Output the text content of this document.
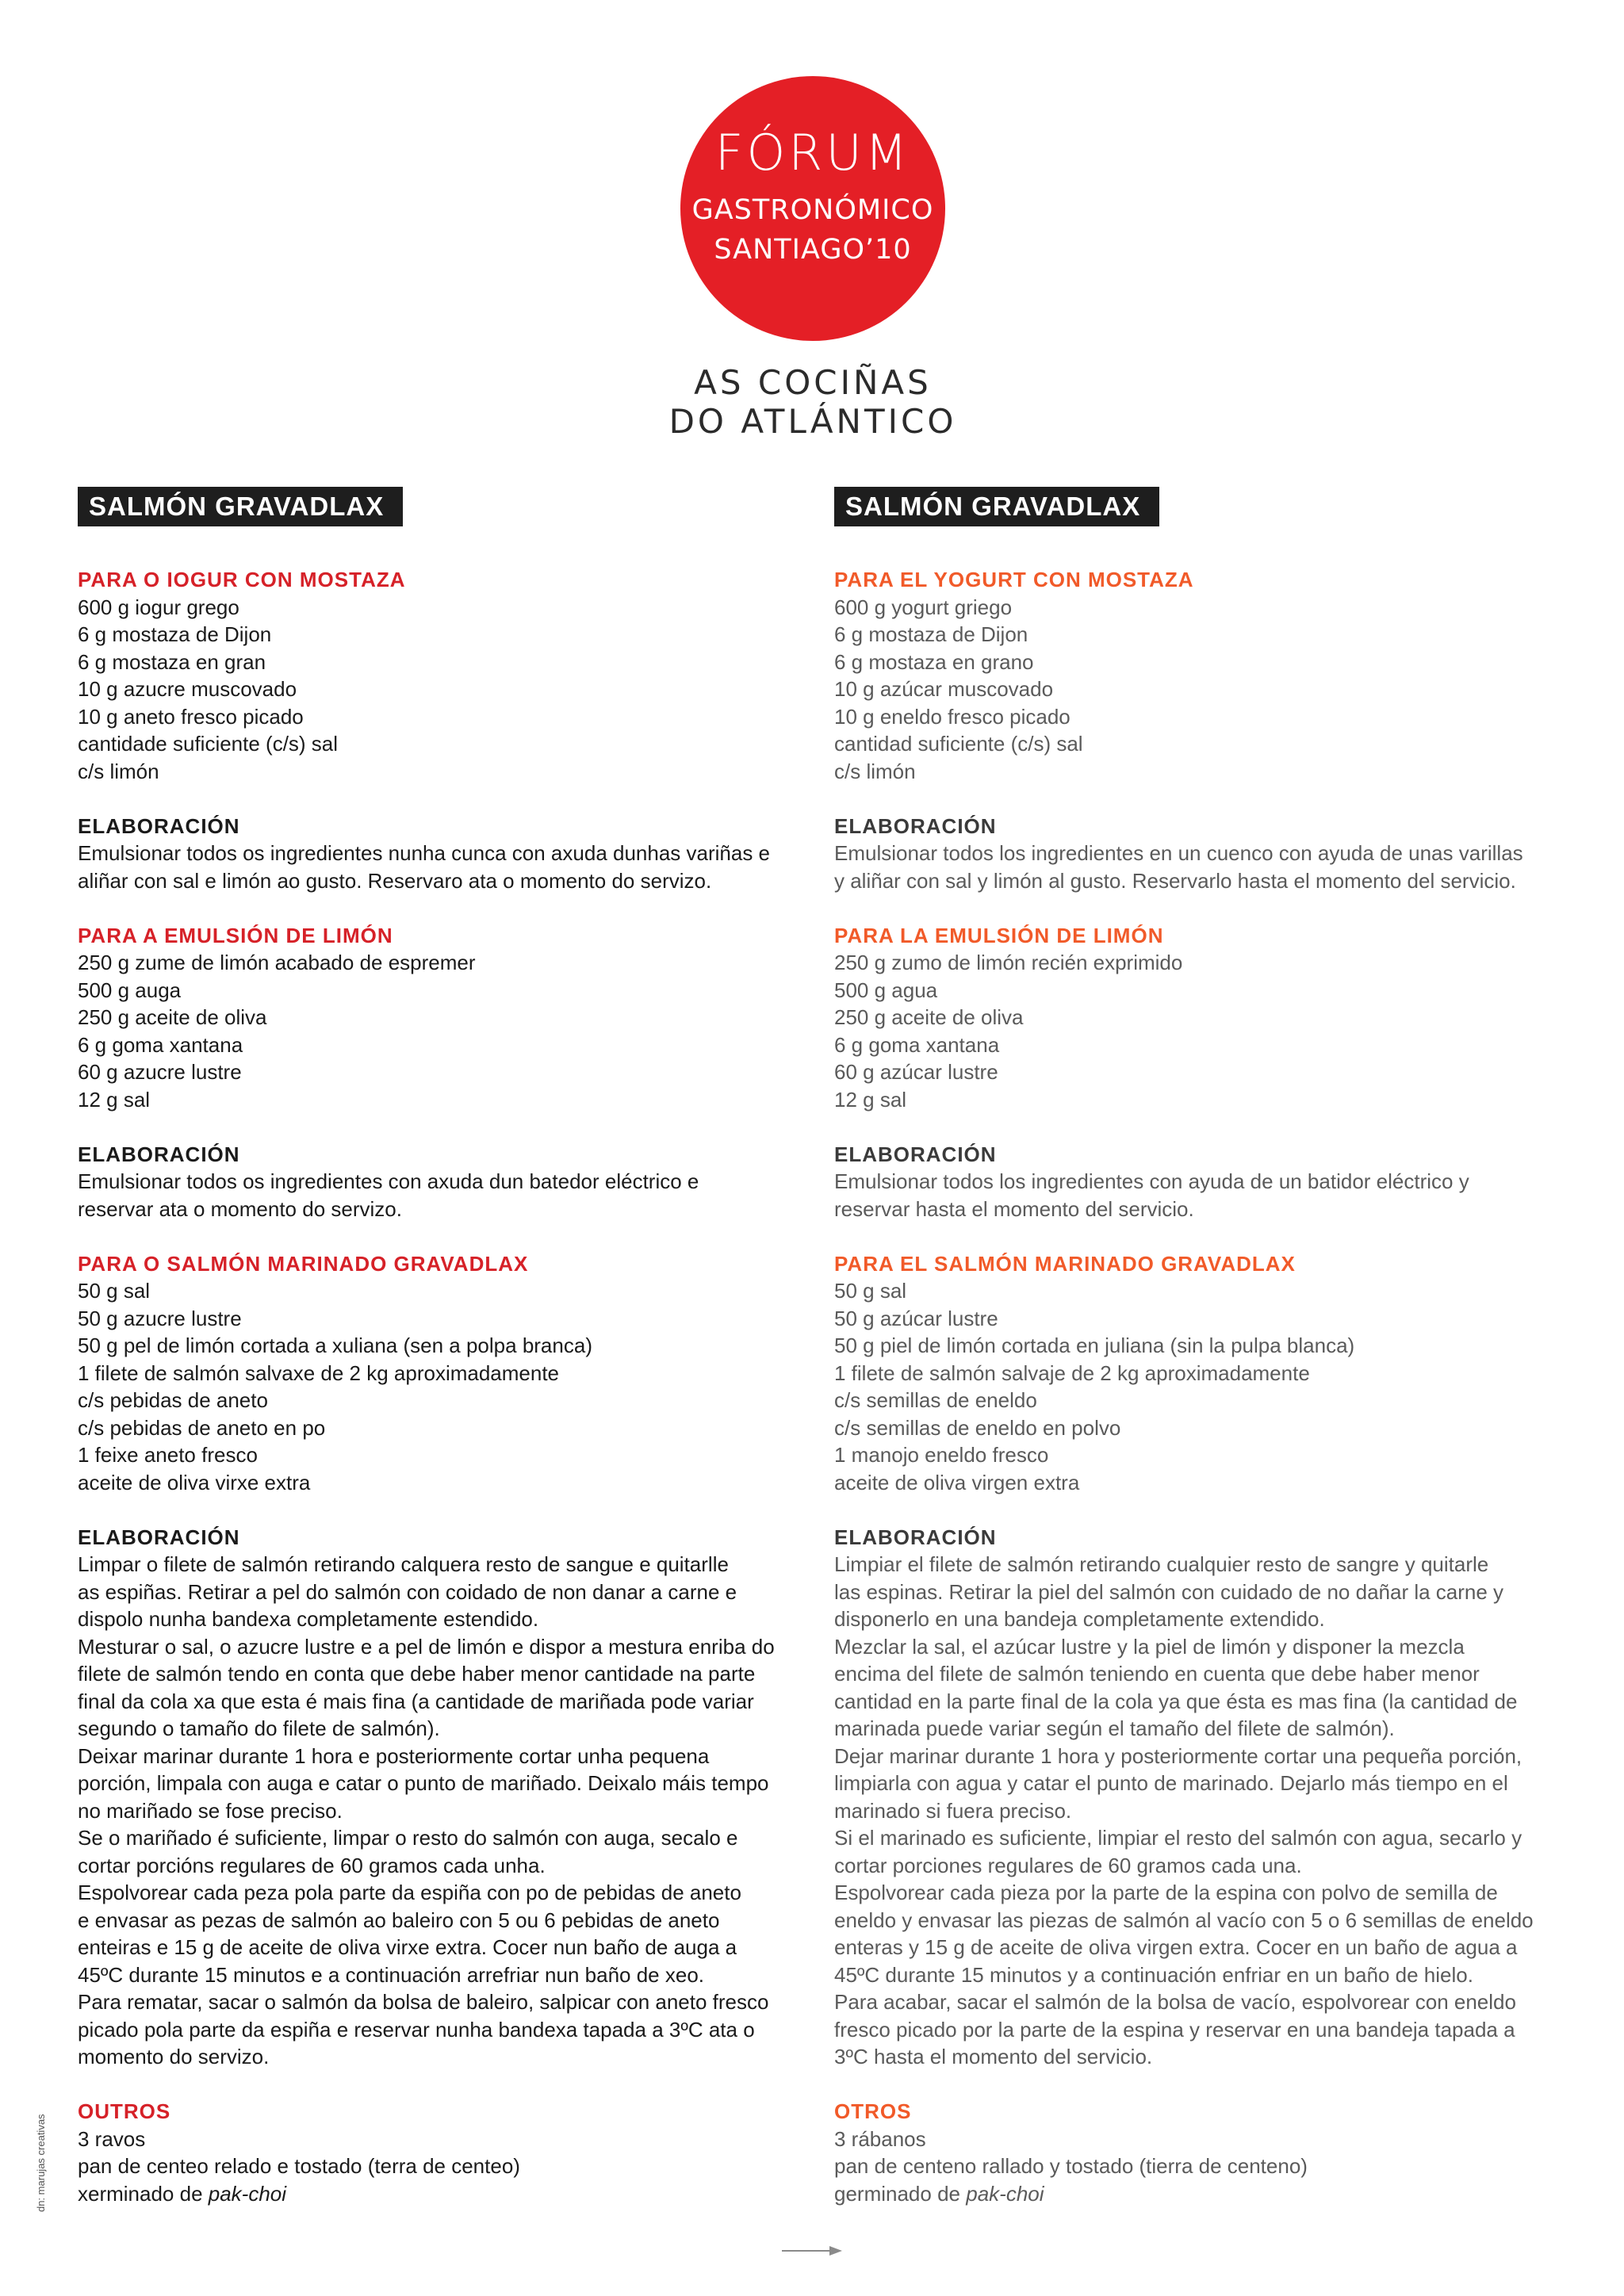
FÓRUM
GASTRONÓMICO
SANTIAGO’10
AS COCIÑAS
DO ATLÁNTICO
SALMÓN GRAVADLAX
PARA O IOGUR CON MOSTAZA
600 g iogur grego
6 g mostaza de Dijon
6 g mostaza en gran
10 g azucre muscovado
10 g aneto fresco picado
cantidade suficiente (c/s) sal
c/s limón
ELABORACIÓN
Emulsionar todos os ingredientes nunha cunca con axuda dunhas variñas e
aliñar con sal e limón ao gusto. Reservaro ata o momento do servizo.
PARA A EMULSIÓN DE LIMÓN
250 g zume de limón acabado de espremer
500 g auga
250 g aceite de oliva
6 g goma xantana
60 g azucre lustre
12 g sal
ELABORACIÓN
Emulsionar todos os ingredientes con axuda dun batedor eléctrico e
reservar ata o momento do servizo.
PARA O SALMÓN MARINADO GRAVADLAX
50 g sal
50 g azucre lustre
50 g pel de limón cortada a xuliana (sen a polpa branca)
1 filete de salmón salvaxe de 2 kg aproximadamente
c/s pebidas de aneto
c/s pebidas de aneto en po
1 feixe aneto fresco
aceite de oliva virxe extra
ELABORACIÓN
Limpar o filete de salmón retirando calquera resto de sangue e quitarlle
as espiñas. Retirar a pel do salmón con coidado de non danar a carne e
dispolo nunha bandexa completamente estendido.
Mesturar o sal, o azucre lustre e a pel de limón e dispor a mestura enriba do
filete de salmón tendo en conta que debe haber menor cantidade na parte
final da cola xa que esta é mais fina (a cantidade de mariñada pode variar
segundo o tamaño do filete de salmón).
Deixar marinar durante 1 hora e posteriormente cortar unha pequena
porción, limpala con auga e catar o punto de mariñado. Deixalo máis tempo
no mariñado se fose preciso.
Se o mariñado é suficiente, limpar o resto do salmón con auga, secalo e
cortar porcións regulares de 60 gramos cada unha.
Espolvorear cada peza pola parte da espiña con po de pebidas de aneto
e envasar as pezas de salmón ao baleiro con 5 ou 6 pebidas de aneto
enteiras e 15 g de aceite de oliva virxe extra. Cocer nun baño de auga a
45ºC durante 15 minutos e a continuación arrefriar nun baño de xeo.
Para rematar, sacar o salmón da bolsa de baleiro, salpicar con aneto fresco
picado pola parte da espiña e reservar nunha bandexa tapada a 3ºC ata o
momento do servizo.
OUTROS
3 ravos
pan de centeo relado e tostado (terra de centeo)
xerminado de pak-choi
SALMÓN GRAVADLAX
PARA EL YOGURT CON MOSTAZA
600 g yogurt griego
6 g mostaza de Dijon
6 g mostaza en grano
10 g azúcar muscovado
10 g eneldo fresco picado
cantidad suficiente (c/s) sal
c/s limón
ELABORACIÓN
Emulsionar todos los ingredientes en un cuenco con ayuda de unas varillas
y aliñar con sal y limón al gusto. Reservarlo hasta el momento del servicio.
PARA LA EMULSIÓN DE LIMÓN
250 g zumo de limón recién exprimido
500 g agua
250 g aceite de oliva
6 g goma xantana
60 g azúcar lustre
12 g sal
ELABORACIÓN
Emulsionar todos los ingredientes con ayuda de un batidor eléctrico y
reservar hasta el momento del servicio.
PARA EL SALMÓN MARINADO GRAVADLAX
50 g sal
50 g azúcar lustre
50 g piel de limón cortada en juliana (sin la pulpa blanca)
1 filete de salmón salvaje de 2 kg aproximadamente
c/s semillas de eneldo
c/s semillas de eneldo en polvo
1 manojo eneldo fresco
aceite de oliva virgen extra
ELABORACIÓN
Limpiar el filete de salmón retirando cualquier resto de sangre y quitarle
las espinas. Retirar la piel del salmón con cuidado de no dañar la carne y
disponerlo en una bandeja completamente extendido.
Mezclar la sal, el azúcar lustre y la piel de limón y disponer la mezcla
encima del filete de salmón teniendo en cuenta que debe haber menor
cantidad en la parte final de la cola ya que ésta es mas fina (la cantidad de
marinada puede variar según el tamaño del filete de salmón).
Dejar marinar durante 1 hora y posteriormente cortar una pequeña porción,
limpiarla con agua y catar el punto de marinado. Dejarlo más tiempo en el
marinado si fuera preciso.
Si el marinado es suficiente, limpiar el resto del salmón con agua, secarlo y
cortar porciones regulares de 60 gramos cada una.
Espolvorear cada pieza por la parte de la espina con polvo de semilla de
eneldo y envasar las piezas de salmón al vacío con 5 o 6 semillas de eneldo
enteras y 15 g de aceite de oliva virgen extra. Cocer en un baño de agua a
45ºC durante 15 minutos y a continuación enfriar en un baño de hielo.
Para acabar, sacar el salmón de la bolsa de vacío, espolvorear con eneldo
fresco picado por la parte de la espina y reservar en una bandeja tapada a
3ºC hasta el momento del servicio.
OTROS
3 rábanos
pan de centeno rallado y tostado (tierra de centeno)
germinado de pak-choi
dn: marujas creativas
